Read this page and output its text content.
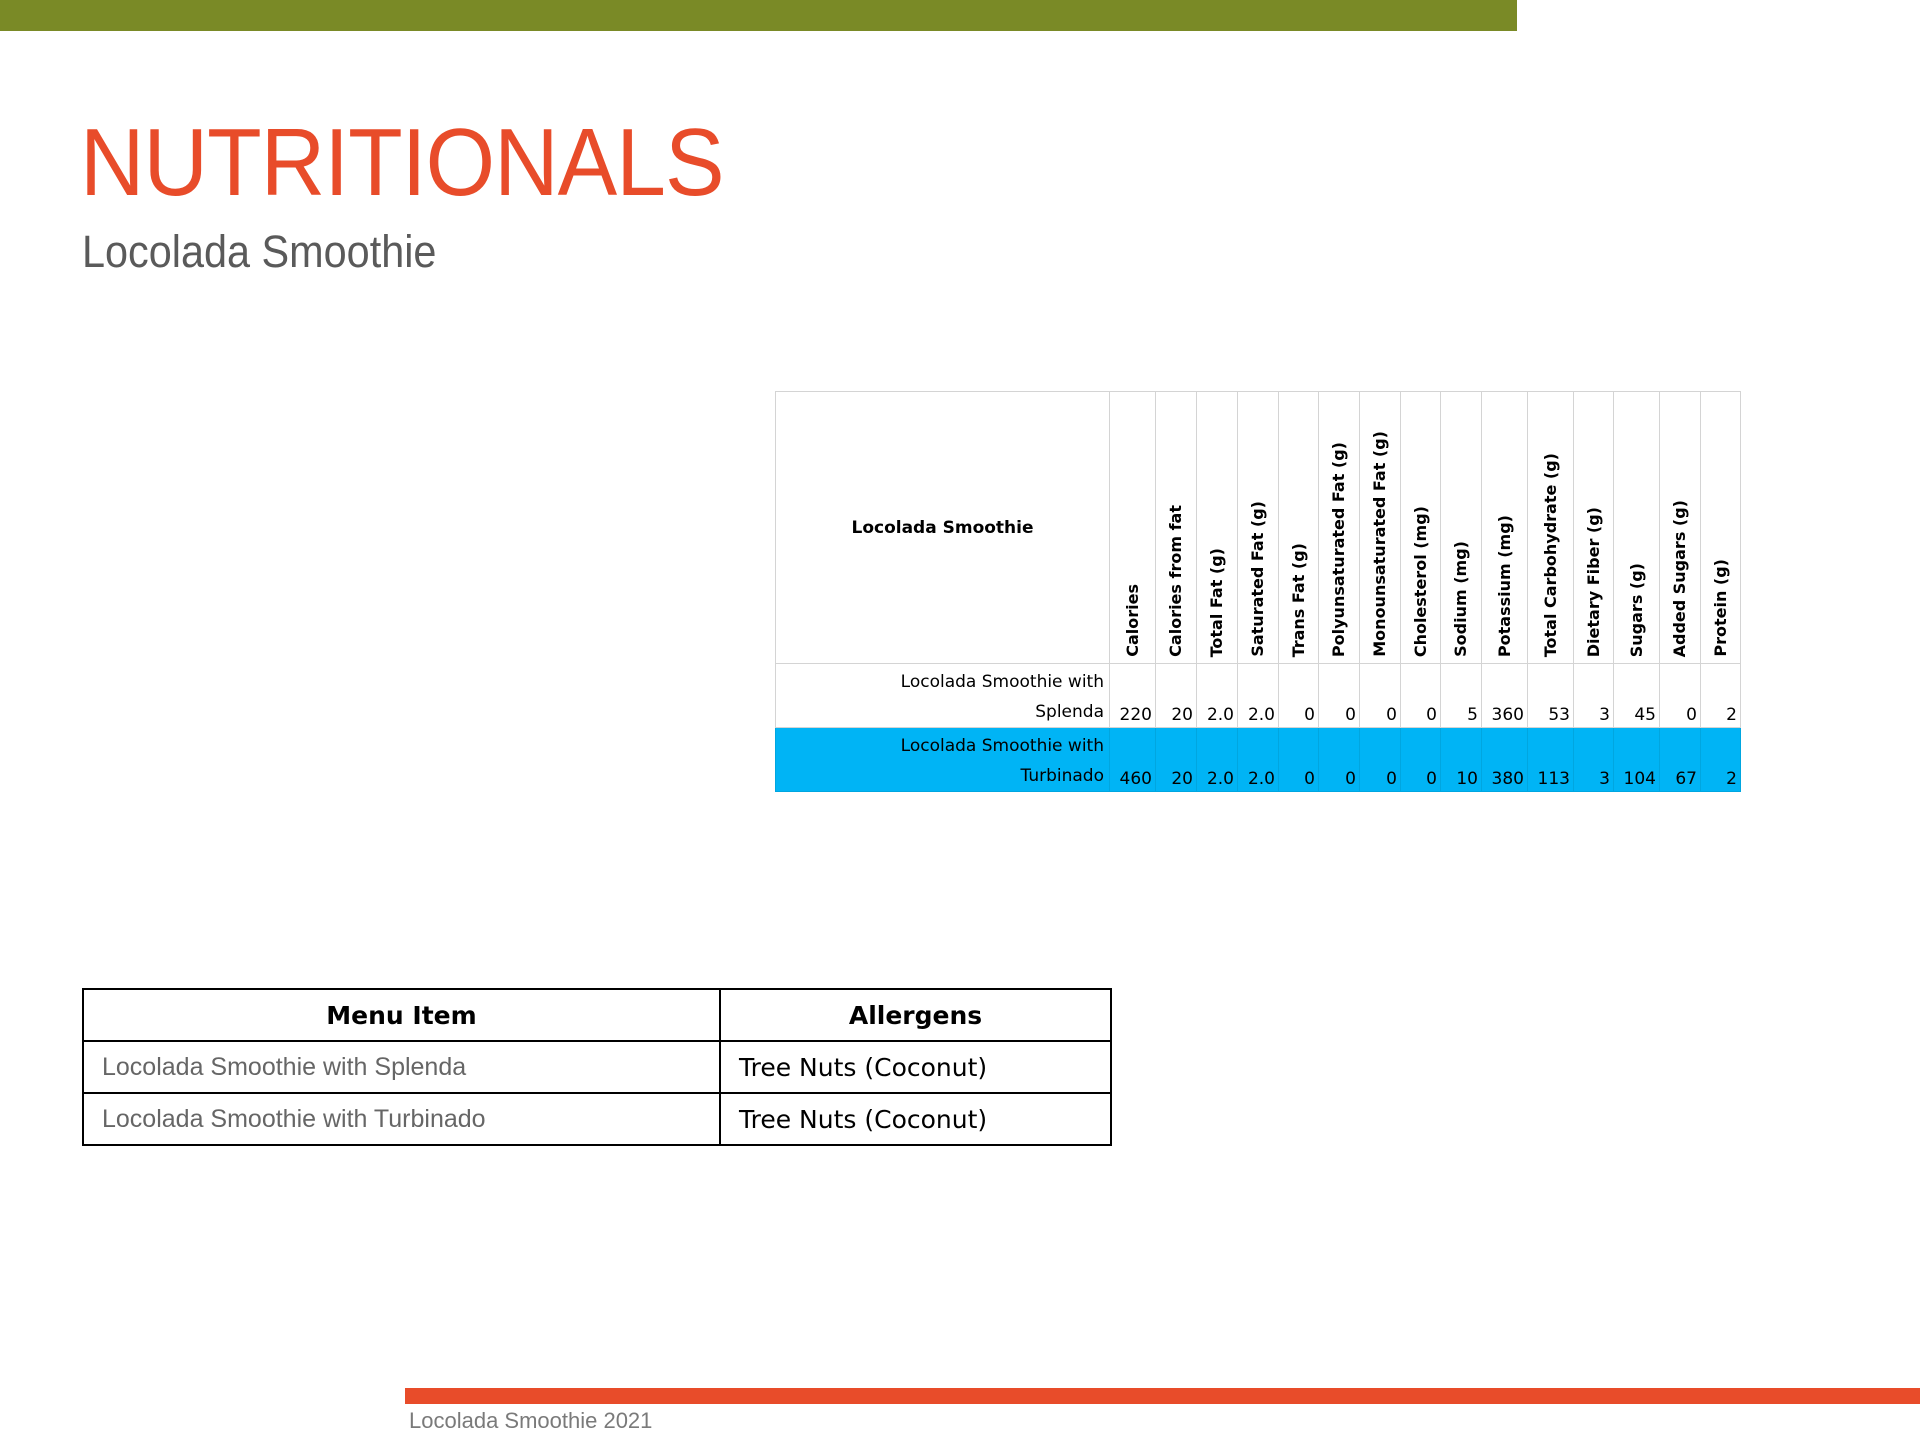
NUTRITIONALS
Locolada Smoothie
Locolada Smoothie	Calories	Calories from fat	Total Fat (g)	Saturated Fat (g)	Trans Fat (g)	Polyunsaturated Fat (g)	Monounsaturated Fat (g)	Cholesterol (mg)	Sodium (mg)	Potassium (mg)	Total Carbohydrate (g)	Dietary Fiber (g)	Sugars (g)	Added Sugars (g)	Protein (g)

Locolada Smoothie with
Splenda	220	20	2.0	2.0	0	0	0	0	5	360	53	3	45	0	2

Locolada Smoothie with
Turbinado	460	20	2.0	2.0	0	0	0	0	10	380	113	3	104	67	2
Menu Item	Allergens
Locolada Smoothie with Splenda	Tree Nuts (Coconut)
Locolada Smoothie with Turbinado	Tree Nuts (Coconut)

Locolada Smoothie 2021
